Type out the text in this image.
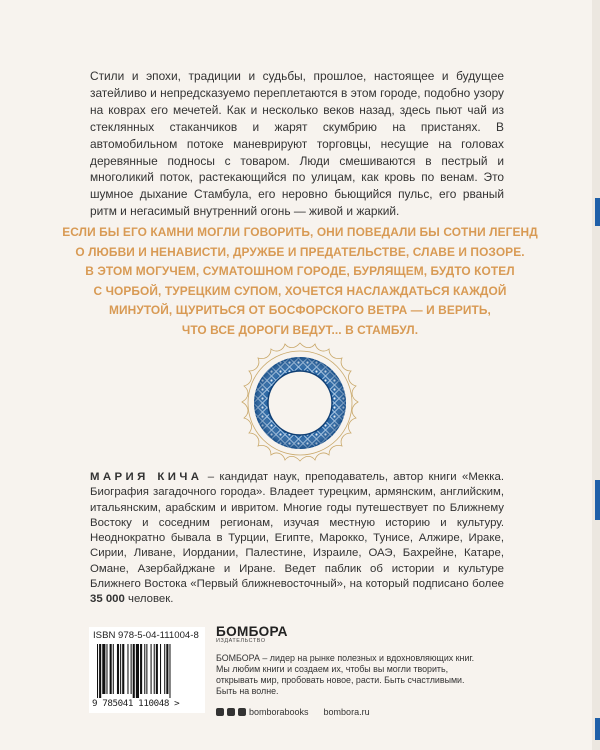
Стили и эпохи, традиции и судьбы, прошлое, настоящее и будущее затейливо и непредсказуемо переплетаются в этом городе, подобно узору на коврах его мечетей. Как и несколько веков назад, здесь пьют чай из стеклянных стаканчиков и жарят скумбрию на пристанях. В автомобильном потоке маневрируют торговцы, несущие на головах деревянные подносы с товаром. Люди смешиваются в пестрый и многоликий поток, растекающийся по улицам, как кровь по венам. Это шумное дыхание Стамбула, его неровно бьющийся пульс, его рваный ритм и негасимый внутренний огонь — живой и жаркий.
ЕСЛИ БЫ ЕГО КАМНИ МОГЛИ ГОВОРИТЬ, ОНИ ПОВЕДАЛИ БЫ СОТНИ ЛЕГЕНД
О ЛЮБВИ И НЕНАВИСТИ, ДРУЖБЕ И ПРЕДАТЕЛЬСТВЕ, СЛАВЕ И ПОЗОРЕ.
В ЭТОМ МОГУЧЕМ, СУМАТОШНОМ ГОРОДЕ, БУРЛЯЩЕМ, БУДТО КОТЕЛ
С ЧОРБОЙ, ТУРЕЦКИМ СУПОМ, ХОЧЕТСЯ НАСЛАЖДАТЬСЯ КАЖДОЙ
МИНУТОЙ, ЩУРИТЬСЯ ОТ БОСФОРСКОГО ВЕТРА — И ВЕРИТЬ,
ЧТО ВСЕ ДОРОГИ ВЕДУТ... В СТАМБУЛ.
МАРИЯ КИЧА – кандидат наук, преподаватель, автор книги «Мекка. Биография загадочного города». Владеет турецким, армянским, английским, итальянским, арабским и ивритом. Многие годы путешествует по Ближнему Востоку и соседним регионам, изучая местную историю и культуру. Неоднократно бывала в Турции, Египте, Марокко, Тунисе, Алжире, Ираке, Сирии, Ливане, Иордании, Палестине, Израиле, ОАЭ, Бахрейне, Катаре, Омане, Азербайджане и Иране. Ведет паблик об истории и культуре Ближнего Востока «Первый ближневосточный», на который подписано более 35 000 человек.
ISBN 978-5-04-111004-8
9 785041 110048 >
БОМБОРА
ИЗДАТЕЛЬСТВО
БОМБОРА – лидер на рынке полезных и вдохновляющих книг. Мы любим книги и создаем их, чтобы вы могли творить, открывать мир, пробовать новое, расти. Быть счастливыми. Быть на волне.
bomborabooks bombora.ru
